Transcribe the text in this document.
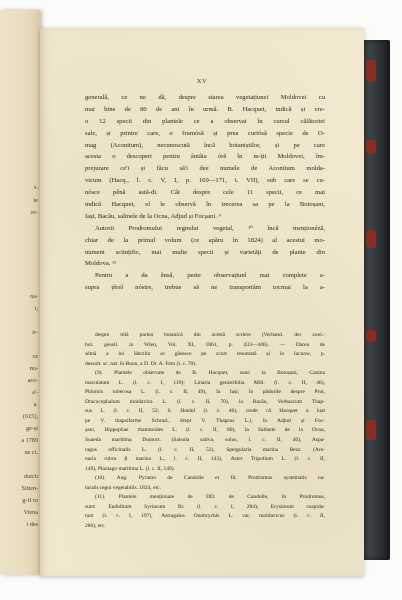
s.
te
re-
na-
r,
ir-
ce
nu-
ace-
a'-
a.
(615),
ge-și
a 1789
ne ci.
durch
Sitten-
g-fl ro
Viena
i des
XV
generală, ce ne dă, despre starea vegetațiunei Moldovei cu
mai bine de 80 de ani în urmă. B. Hacquet, indică și vre-
o 12 specii din plantele ce a observat în cursul călătoriei
sale, și printre care, o frumósă și prea curiósă specie de O-
mag (Aconitum), necunoscută încă botaniștilor, și pe care
acesta o descoperi pentru ântâia óră în m-ții Moldovei, îm-
prejurare ce'i și făcu să'i dee numele de Aconitum molda-
vicum (Hacq., l. c. V, I, p. 169—171, t. VII), sub care se cu-
nósce pênă astă-di. Cât despre cele 11 specii, ce mai
indică Hacquet, el le observă în trecerea sa pe la Botoșani,
Iași, Bacău, salinele de la Ocna, Adjud și Focșani. ⁹
Autorii Prodromului regnului vegetal, ¹⁰ încă menționéză,
chiar de la primul volum (ce apăru în 1824) al acestui mo-
nument sciințific, mai multe specii și varietăți de plante din
Moldova. ¹¹
Pentru a da ênsă, peste observațiunî mai complete a-
supra țêreî nóstre, trebue să ne transportăm tocmai la a-
despre tótă partea botanică din acéstă scriere (Verhand. der zool.-
bot. gesell. in Wien, Vol. XI, 1861, p. 433—446). — Darea de
sémă a lui Herzlin se găsesce pe scurt resumată și în Iacnow, p.
dessolt. sc. nat. în Bonn, a D. Dr. A. Fetu (l. c. 70).
(9). Plantele observate de B. Hacquet, sunt: la Botoșani, Canina
maculatum L. (l. c. I, 119); Linaria genistifolia Mill. (l. c. II, 46),
Phlomis tuberosa L. (l. c. II, 49), la Iași, în pădurile despre Prut,
Dracocephalum moldavica L. (l. c. II, 70), la Bacău, Verbascum Thap-
sus L. (l. c. II, 52; S. Hoelnl (l. c. 46), crede că Hacquet a luat
pe V. thapsiforme Schrad., drept V. Thapsus L.), în Adjud și Foc-
șani, Hippophae rhamnoides L. (l. c. II, 80), la Salinele de la Ocna,
Suaeda maritima Dumort. (Salsola sativa, solus, l. c. II, 46), Aspa-
ragus officinalis L. (l. c. II, 52), Spergularia marina Besz. (Are-
naria rubra β marina L., l. c. II, 143), Aster Tripolium L. (l. c. II,
149), Plantago maritima L. (l. c. II, 149).
(10). Aug. Pyramo de Candolle et fil. Prodromus systematis na-
turalis regni vegetabilis. 1824, etc.
(11). Plantele menționate de DD. de Candolle, în Prodromus,
sunt: Eudiditum Syriacum Br. (l. c. I, 284), Erysimum cuspida-
tum (l. c. I, 197), Astragalus Onobrychis L. var. moldavicus (l. c. II,
286), etc.
